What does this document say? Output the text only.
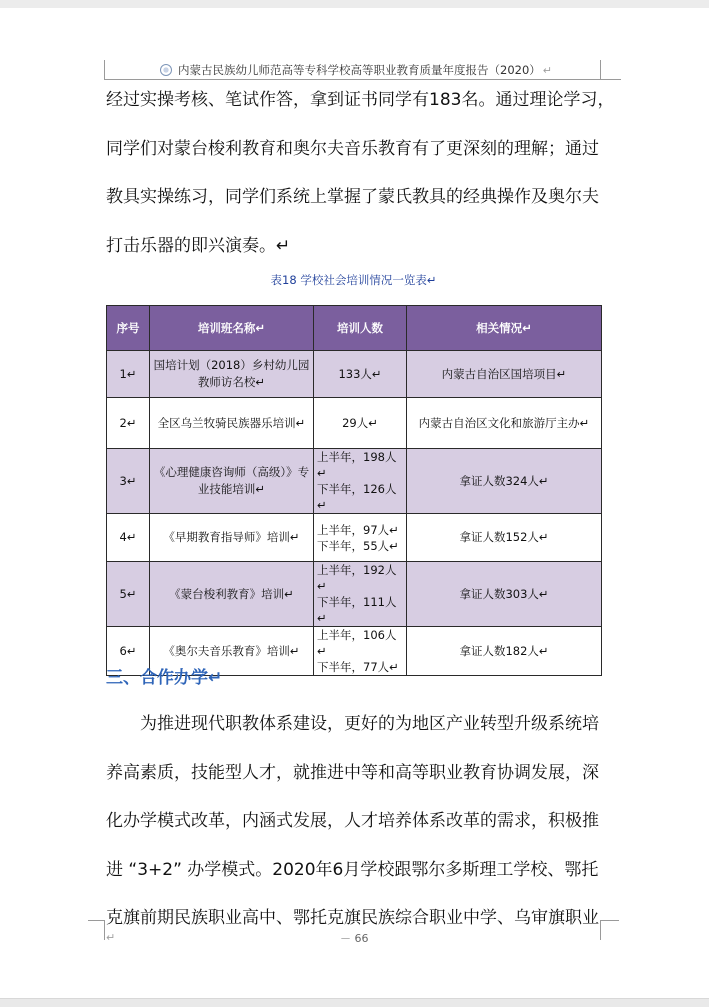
内蒙古民族幼儿师范高等专科学校高等职业教育质量年度报告（2020） ↵
经过实操考核、笔试作答，拿到证书同学有183名。通过理论学习，
同学们对蒙台梭利教育和奥尔夫音乐教育有了更深刻的理解；通过
教具实操练习，同学们系统上掌握了蒙氏教具的经典操作及奥尔夫
打击乐器的即兴演奏。↵
表18 学校社会培训情况一览表↵
序号	培训班名称↵	培训人数	相关情况↵
1↵	国培计划（2018）乡村幼儿园教师访名校↵	133人↵	内蒙古自治区国培项目↵
2↵	全区乌兰牧骑民族器乐培训↵	29人↵	内蒙古自治区文化和旅游厅主办↵
3↵	《心理健康咨询师（高级）》专业技能培训↵	上半年，198人↵
下半年，126人↵	拿证人数324人↵
4↵	《早期教育指导师》培训↵	上半年，97人↵
下半年，55人↵	拿证人数152人↵
5↵	《蒙台梭利教育》培训↵	上半年，192人↵
下半年，111人↵	拿证人数303人↵
6↵	《奥尔夫音乐教育》培训↵	上半年，106人↵
下半年，77人↵	拿证人数182人↵
三、合作办学↵
为推进现代职教体系建设，更好的为地区产业转型升级系统培
养高素质，技能型人才，就推进中等和高等职业教育协调发展，深
化办学模式改革，内涵式发展，人才培养体系改革的需求，积极推
进 “3+2” 办学模式。2020年6月学校跟鄂尔多斯理工学校、鄂托
克旗前期民族职业高中、鄂托克旗民族综合职业中学、乌审旗职业
↵	－ 66
